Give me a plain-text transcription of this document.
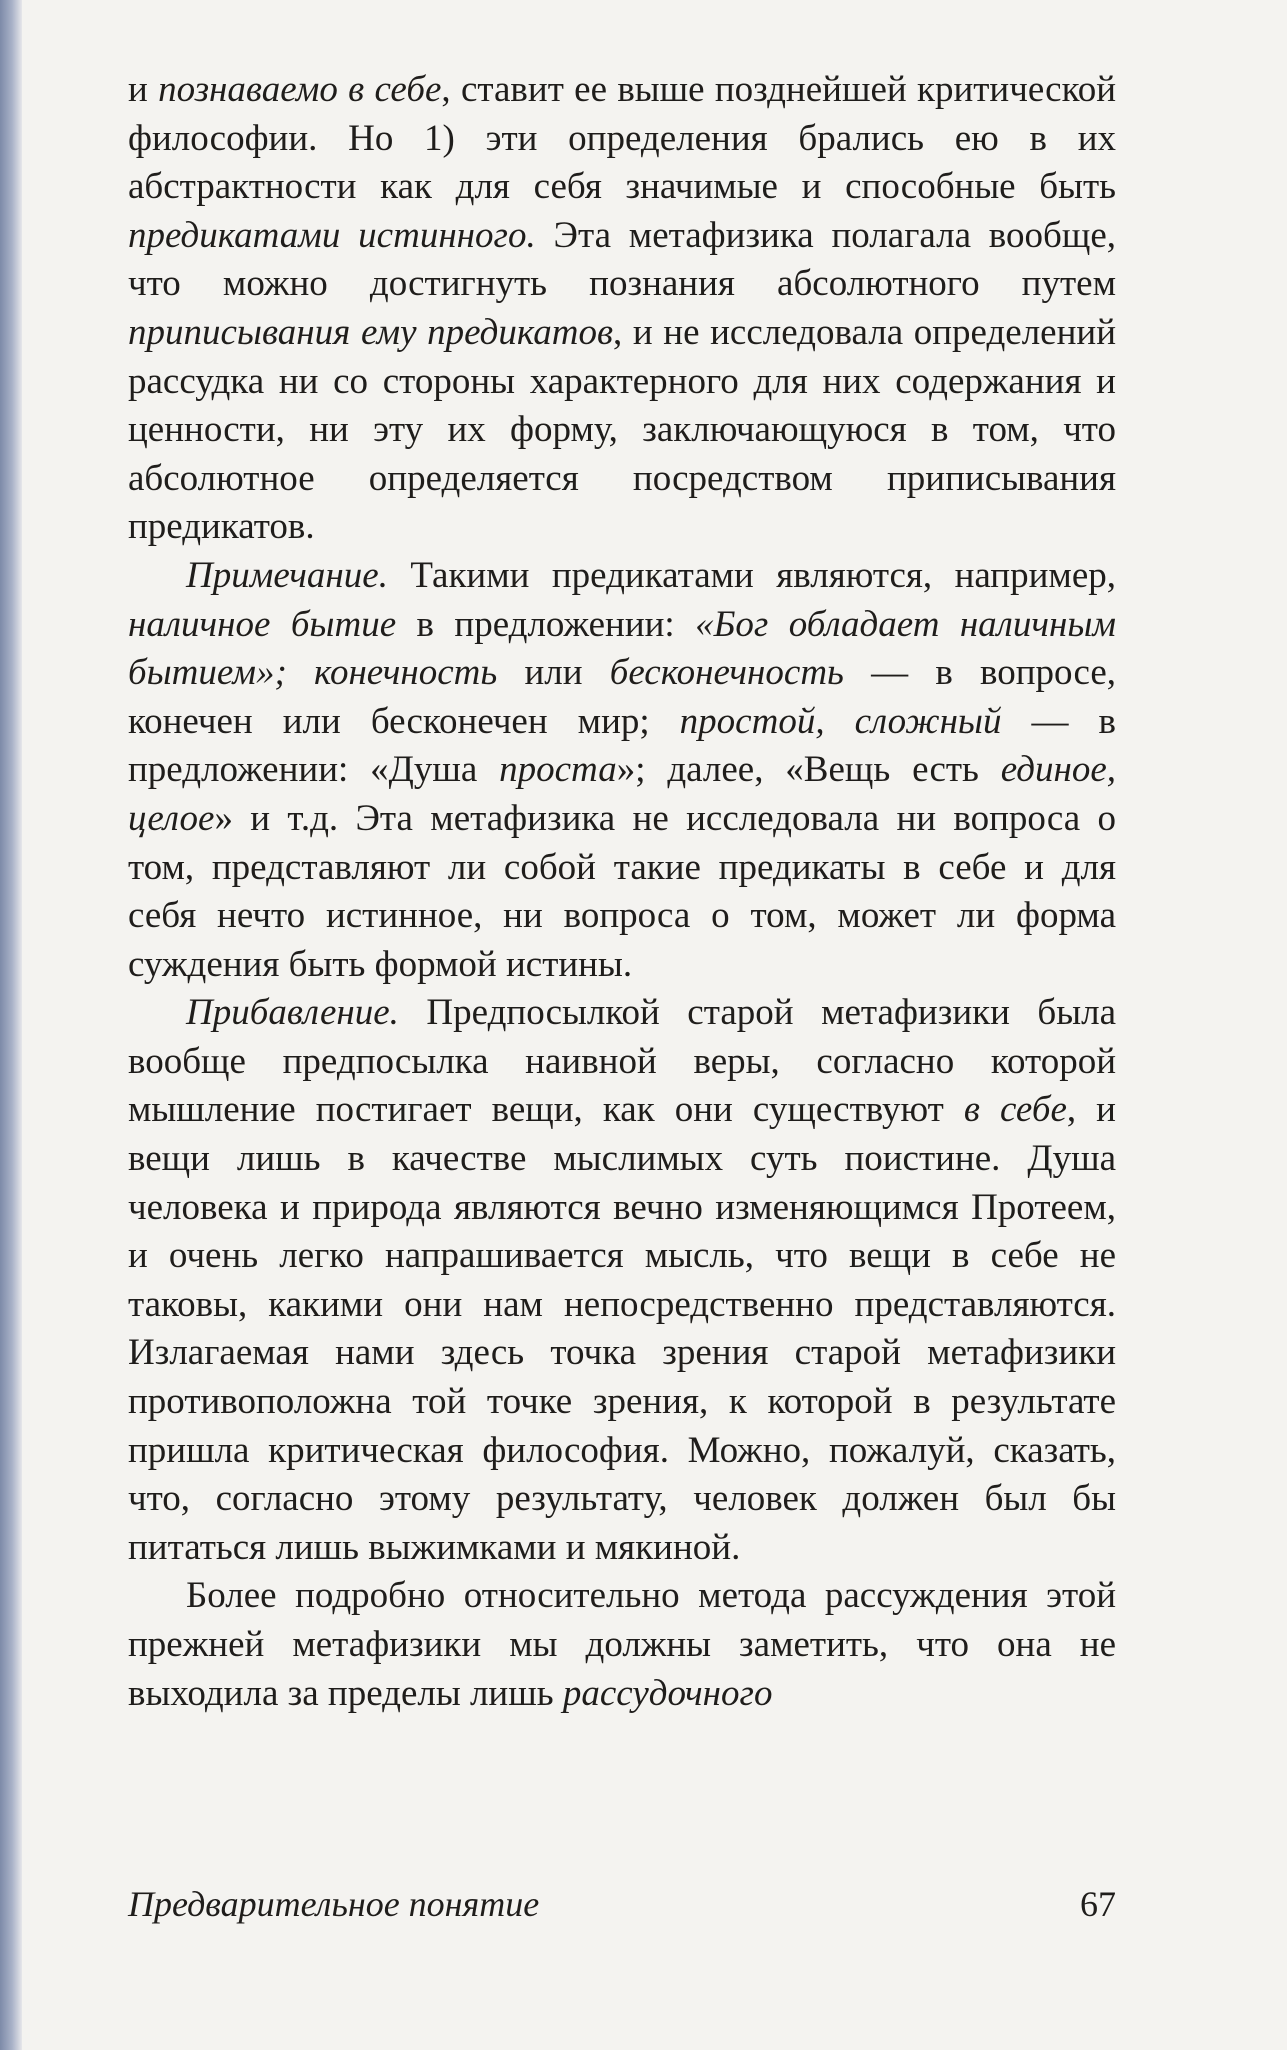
и познаваемо в себе, ставит ее выше позднейшей критической философии. Но 1) эти определения брались ею в их абстрактности как для себя значимые и способные быть предикатами истинного. Эта метафизика полагала вообще, что можно достигнуть познания абсолютного путем приписывания ему предикатов, и не исследовала определений рассудка ни со стороны характерного для них содержания и ценности, ни эту их форму, заключающуюся в том, что абсолютное определяется посредством приписывания предикатов.

Примечание. Такими предикатами являются, например, наличное бытие в предложении: «Бог обладает наличным бытием»; конечность или бесконечность — в вопросе, конечен или бесконечен мир; простой, сложный — в предложении: «Душа проста»; далее, «Вещь есть единое, целое» и т.д. Эта метафизика не исследовала ни вопроса о том, представляют ли собой такие предикаты в себе и для себя нечто истинное, ни вопроса о том, может ли форма суждения быть формой истины.

Прибавление. Предпосылкой старой метафизики была вообще предпосылка наивной веры, согласно которой мышление постигает вещи, как они существуют в себе, и вещи лишь в качестве мыслимых суть поистине. Душа человека и природа являются вечно изменяющимся Протеем, и очень легко напрашивается мысль, что вещи в себе не таковы, какими они нам непосредственно представляются. Излагаемая нами здесь точка зрения старой метафизики противоположна той точке зрения, к которой в результате пришла критическая философия. Можно, пожалуй, сказать, что, согласно этому результату, человек должен был бы питаться лишь выжимками и мякиной.

Более подробно относительно метода рассуждения этой прежней метафизики мы должны заметить, что она не выходила за пределы лишь рассудочного

Предварительное понятие	67
